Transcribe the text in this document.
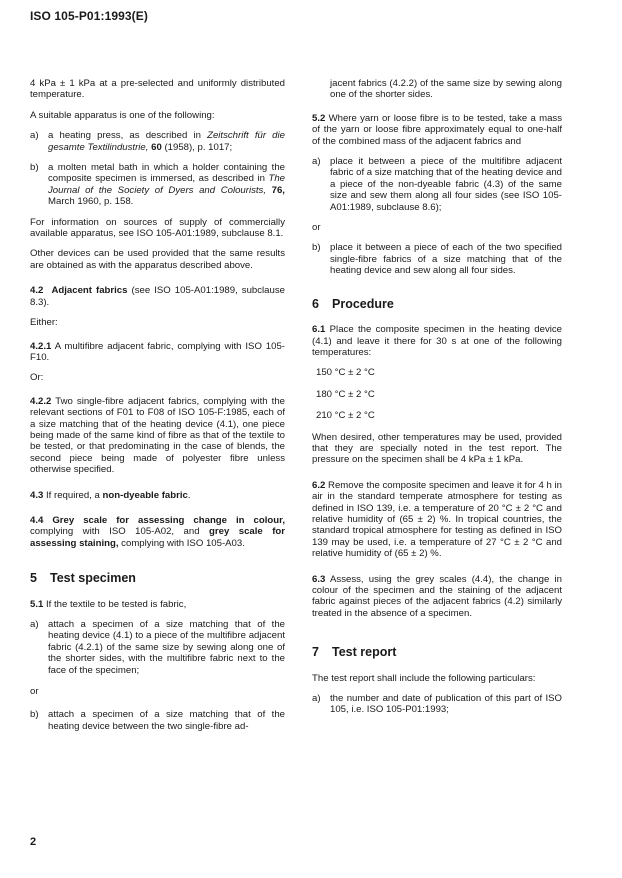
ISO 105-P01:1993(E)

4 kPa ± 1 kPa at a pre-selected and uniformly distributed temperature.

A suitable apparatus is one of the following:

a) a heating press, as described in Zeitschrift für die gesamte Textilindustrie, 60 (1958), p. 1017;
b) a molten metal bath in which a holder containing the composite specimen is immersed, as described in The Journal of the Society of Dyers and Colourists, 76, March 1960, p. 158.

For information on sources of supply of commercially available apparatus, see ISO 105-A01:1989, subclause 8.1.

Other devices can be used provided that the same results are obtained as with the apparatus described above.

4.2 Adjacent fabrics (see ISO 105-A01:1989, subclause 8.3).

Either:

4.2.1 A multifibre adjacent fabric, complying with ISO 105-F10.

Or:

4.2.2 Two single-fibre adjacent fabrics, complying with the relevant sections of F01 to F08 of ISO 105-F:1985, each of a size matching that of the heating device (4.1), one piece being made of the same kind of fibre as that of the textile to be tested, or that predominating in the case of blends, the second piece being made of polyester fibre unless otherwise specified.

4.3 If required, a non-dyeable fabric.

4.4 Grey scale for assessing change in colour, complying with ISO 105-A02, and grey scale for assessing staining, complying with ISO 105-A03.

5 Test specimen

5.1 If the textile to be tested is fabric,

a) attach a specimen of a size matching that of the heating device (4.1) to a piece of the multifibre adjacent fabric (4.2.1) of the same size by sewing along one of the shorter sides, with the multifibre fabric next to the face of the specimen;

or

b) attach a specimen of a size matching that of the heating device between the two single-fibre ad-
jacent fabrics (4.2.2) of the same size by sewing along one of the shorter sides.

5.2 Where yarn or loose fibre is to be tested, take a mass of the yarn or loose fibre approximately equal to one-half of the combined mass of the adjacent fabrics and

a) place it between a piece of the multifibre adjacent fabric of a size matching that of the heating device and a piece of the non-dyeable fabric (4.3) of the same size and sew them along all four sides (see ISO 105-A01:1989, subclause 8.6);

or

b) place it between a piece of each of the two specified single-fibre fabrics of a size matching that of the heating device and sew along all four sides.
6 Procedure

6.1 Place the composite specimen in the heating device (4.1) and leave it there for 30 s at one of the following temperatures:

150 °C ± 2 °C
180 °C ± 2 °C
210 °C ± 2 °C

When desired, other temperatures may be used, provided that they are specially noted in the test report. The pressure on the specimen shall be 4 kPa ± 1 kPa.

6.2 Remove the composite specimen and leave it for 4 h in air in the standard temperate atmosphere for testing as defined in ISO 139, i.e. a temperature of 20 °C ± 2 °C and relative humidity of (65 ± 2) %. In tropical countries, the standard tropical atmosphere for testing as defined in ISO 139 may be used, i.e. a temperature of 27 °C ± 2 °C and relative humidity of (65 ± 2) %.

6.3 Assess, using the grey scales (4.4), the change in colour of the specimen and the staining of the adjacent fabric against pieces of the adjacent fabrics (4.2) similarly treated in the absence of a specimen.

7 Test report

The test report shall include the following particulars:

a) the number and date of publication of this part of ISO 105, i.e. ISO 105-P01:1993;
2
